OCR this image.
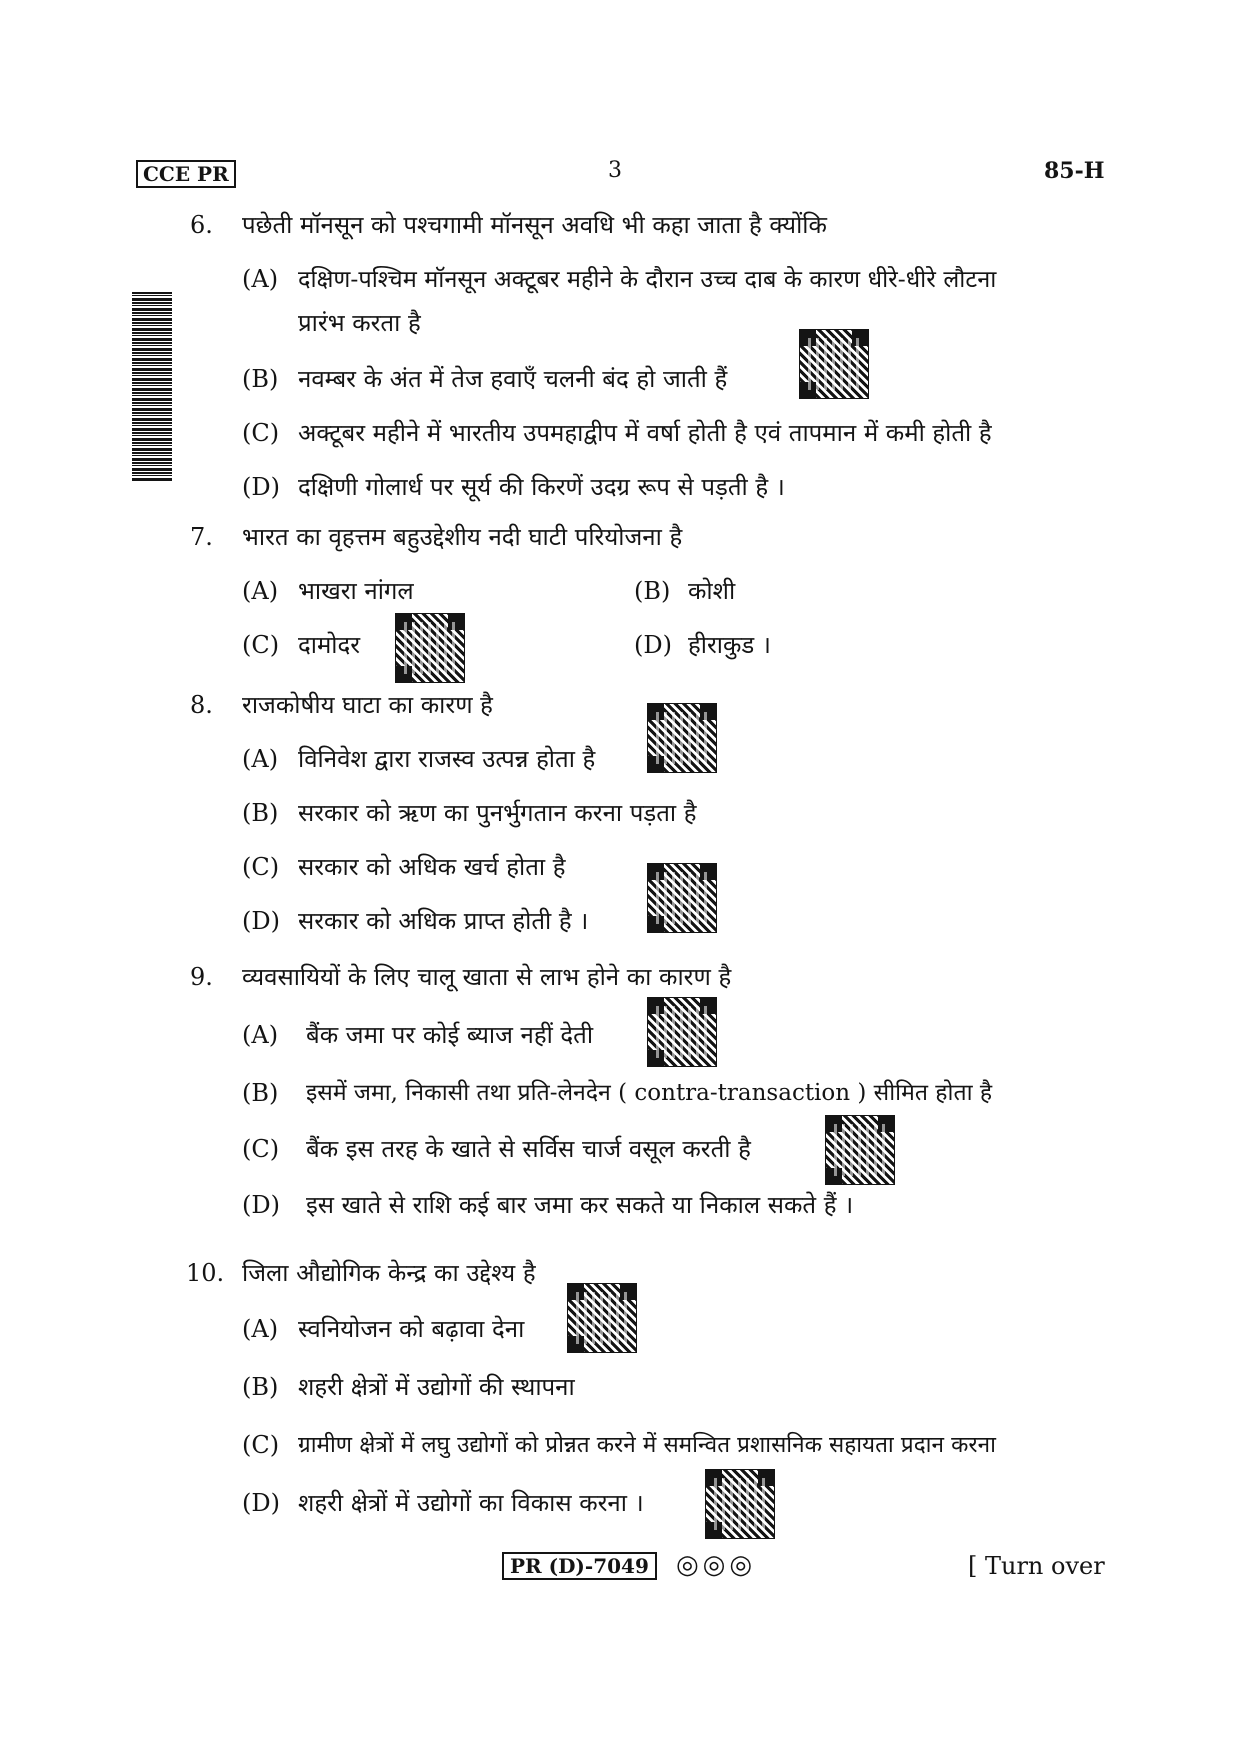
CCE PR	3	85-H
6. पछेती मॉनसून को पश्चगामी मॉनसून अवधि भी कहा जाता है क्योंकि
(A) दक्षिण-पश्चिम मॉनसून अक्टूबर महीने के दौरान उच्च दाब के कारण धीरे-धीरे लौटना
प्रारंभ करता है
(B) नवम्बर के अंत में तेज हवाएँ चलनी बंद हो जाती हैं
(C) अक्टूबर महीने में भारतीय उपमहाद्वीप में वर्षा होती है एवं तापमान में कमी होती है
(D) दक्षिणी गोलार्ध पर सूर्य की किरणें उदग्र रूप से पड़ती है ।
7. भारत का वृहत्तम बहुउद्देशीय नदी घाटी परियोजना है
(A) भाखरा नांगल	(B) कोशी
(C) दामोदर	(D) हीराकुड ।
8. राजकोषीय घाटा का कारण है
(A) विनिवेश द्वारा राजस्व उत्पन्न होता है
(B) सरकार को ऋण का पुनर्भुगतान करना पड़ता है
(C) सरकार को अधिक खर्च होता है
(D) सरकार को अधिक प्राप्त होती है ।
9. व्यवसायियों के लिए चालू खाता से लाभ होने का कारण है
(A) बैंक जमा पर कोई ब्याज नहीं देती
(B) इसमें जमा, निकासी तथा प्रति-लेनदेन ( contra-transaction ) सीमित होता है
(C) बैंक इस तरह के खाते से सर्विस चार्ज वसूल करती है
(D) इस खाते से राशि कई बार जमा कर सकते या निकाल सकते हैं ।
10. जिला औद्योगिक केन्द्र का उद्देश्य है
(A) स्वनियोजन को बढ़ावा देना
(B) शहरी क्षेत्रों में उद्योगों की स्थापना
(C) ग्रामीण क्षेत्रों में लघु उद्योगों को प्रोन्नत करने में समन्वित प्रशासनिक सहायता प्रदान करना
(D) शहरी क्षेत्रों में उद्योगों का विकास करना ।
PR (D)-7049	◎◎◎	[ Turn over
